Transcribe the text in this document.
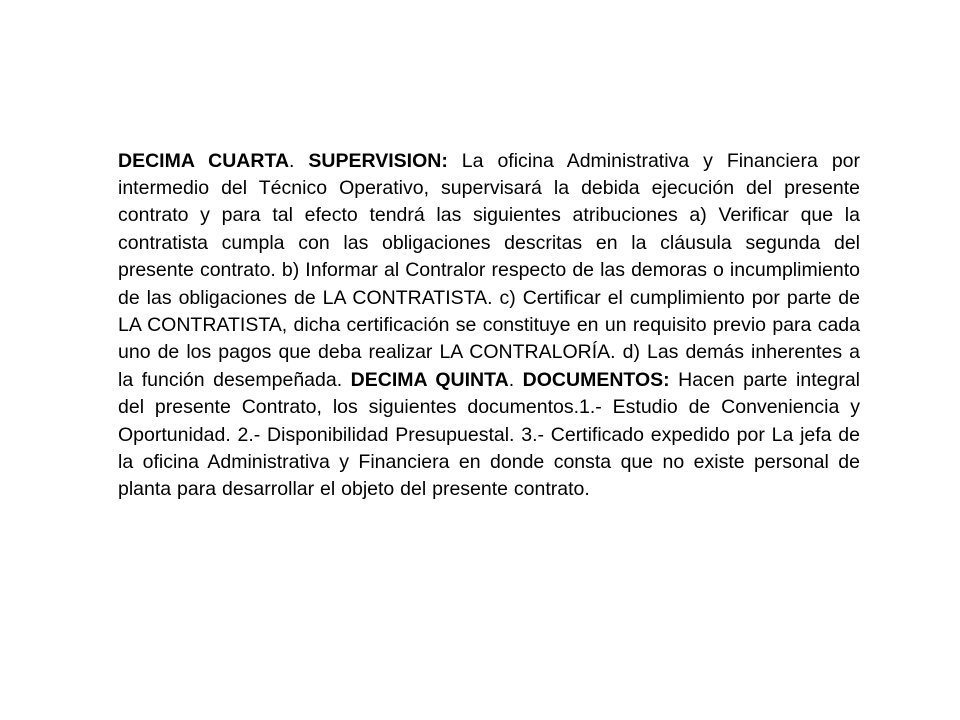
DECIMA CUARTA. SUPERVISION: La oficina Administrativa y Financiera por intermedio del Técnico Operativo, supervisará la debida ejecución del presente contrato y para tal efecto tendrá las siguientes atribuciones a) Verificar que la contratista cumpla con las obligaciones descritas en la cláusula segunda del presente contrato. b) Informar al Contralor respecto de las demoras o incumplimiento de las obligaciones de LA CONTRATISTA. c) Certificar el cumplimiento por parte de LA CONTRATISTA, dicha certificación se constituye en un requisito previo para cada uno de los pagos que deba realizar LA CONTRALORÍA. d) Las demás inherentes a la función desempeñada. DECIMA QUINTA. DOCUMENTOS: Hacen parte integral del presente Contrato, los siguientes documentos.1.- Estudio de Conveniencia y Oportunidad. 2.- Disponibilidad Presupuestal. 3.- Certificado expedido por La jefa de la oficina Administrativa y Financiera en donde consta que no existe personal de planta para desarrollar el objeto del presente contrato.
